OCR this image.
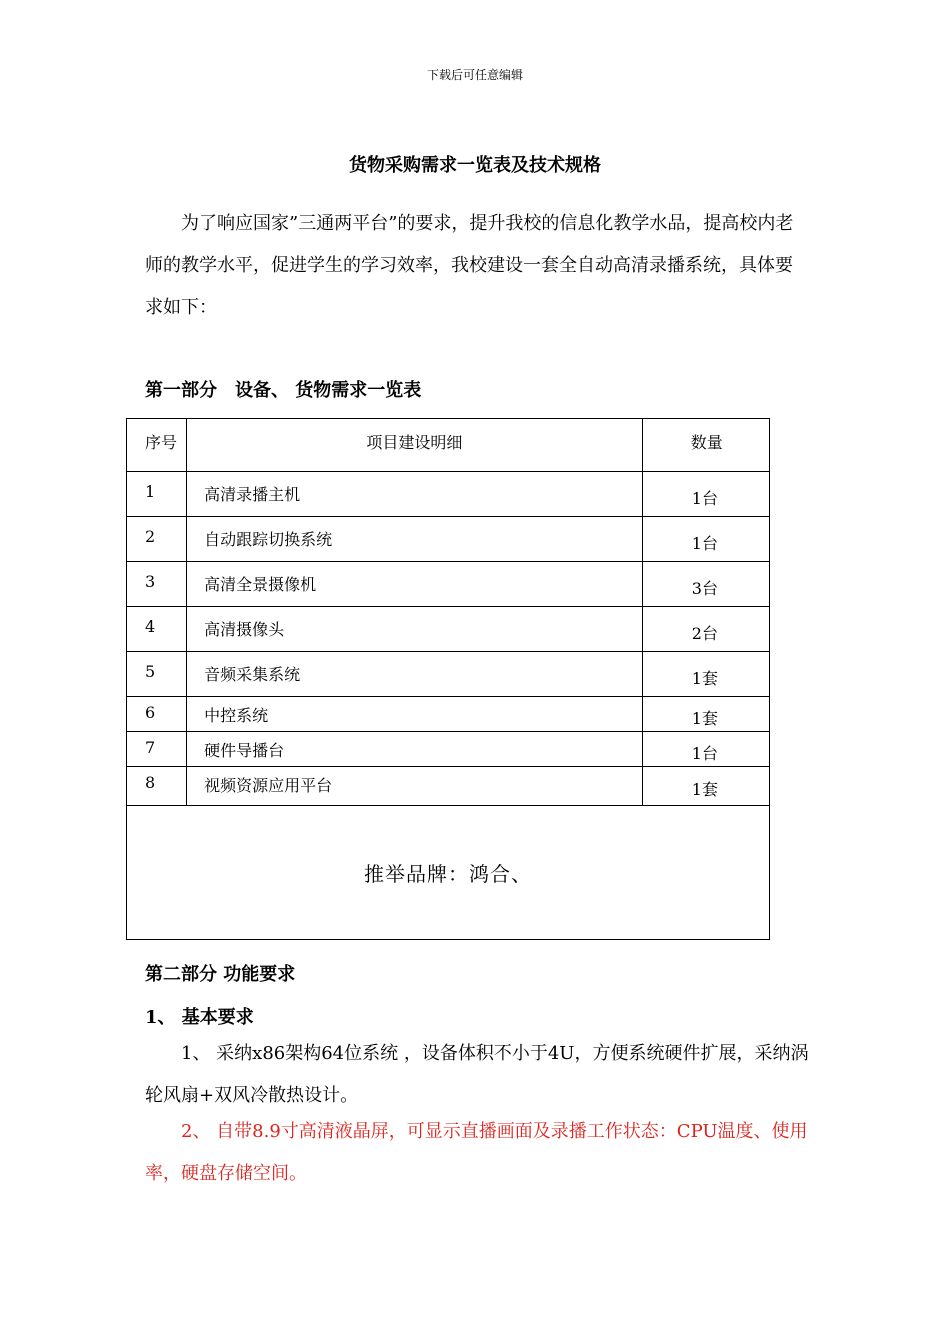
下载后可任意编辑
货物采购需求一览表及技术规格

为了响应国家”三通两平台”的要求，提升我校的信息化教学水品，提高校内老师的教学水平，促进学生的学习效率，我校建设一套全自动高清录播系统，具体要求如下：

第一部分　设备、 货物需求一览表
序号	项目建设明细	数量
1	高清录播主机	1台
2	自动跟踪切换系统	1台
3	高清全景摄像机	3台
4	高清摄像头	2台
5	音频采集系统	1套
6	中控系统	1套
7	硬件导播台	1台
8	视频资源应用平台	1套
推举品牌：鸿合、		
第二部分 功能要求
1、 基本要求

1、 采纳x86架构64位系统 ，设备体积不小于4U，方便系统硬件扩展，采纳涡轮风扇+双风冷散热设计。

2、 自带8.9寸高清液晶屏，可显示直播画面及录播工作状态：CPU温度、使用率，硬盘存储空间。
